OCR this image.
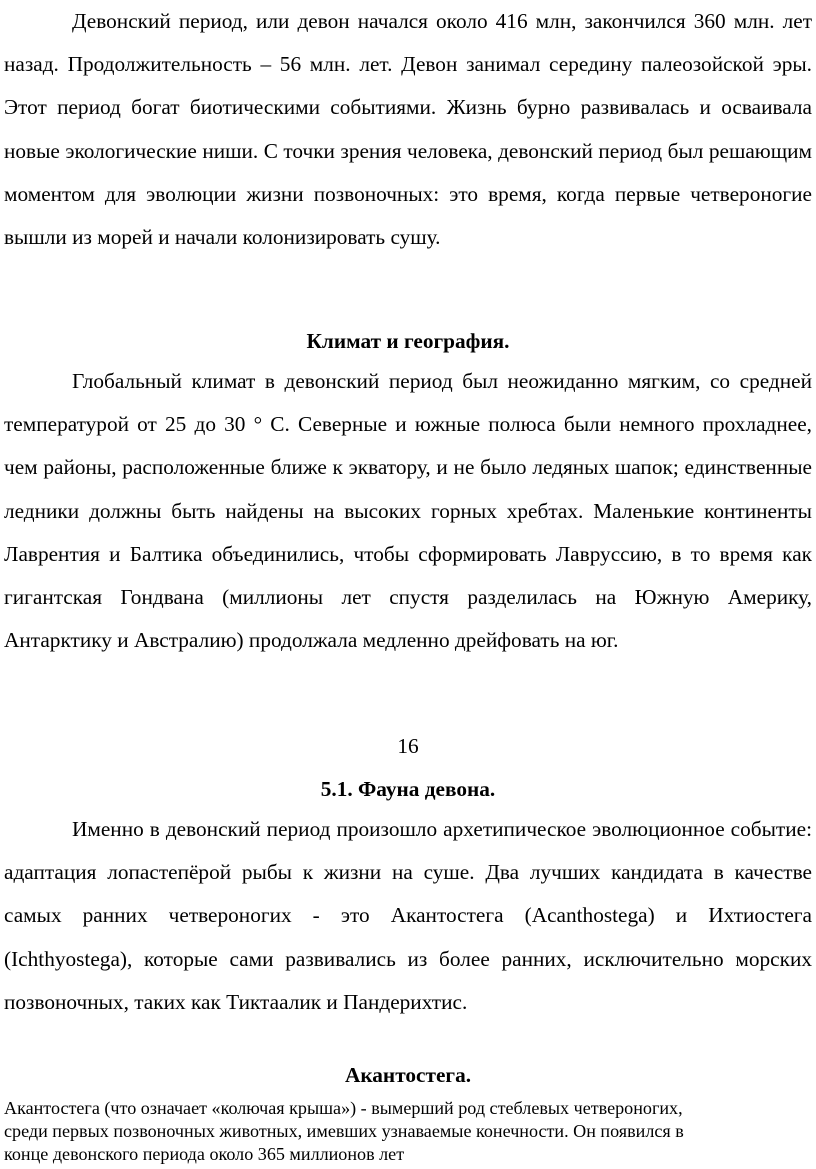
Девонский период, или девон начался около 416 млн, закончился 360 млн. лет назад. Продолжительность – 56 млн. лет. Девон занимал середину палеозойской эры. Этот период богат биотическими событиями. Жизнь бурно развивалась и осваивала новые экологические ниши. С точки зрения человека, девонский период был решающим моментом для эволюции жизни позвоночных: это время, когда первые четвероногие вышли из морей и начали колонизировать сушу.

Климат и география.

Глобальный климат в девонский период был неожиданно мягким, со средней температурой от 25 до 30 ° C. Северные и южные полюса были немного прохладнее, чем районы, расположенные ближе к экватору, и не было ледяных шапок; единственные ледники должны быть найдены на высоких горных хребтах. Маленькие континенты Лаврентия и Балтика объединились, чтобы сформировать Лаврусcию, в то время как гигантская Гондвана (миллионы лет спустя разделилась на Южную Америку, Антарктику и Австралию) продолжала медленно дрейфовать на юг.

16
5.1. Фауна девона.

Именно в девонский период произошло архетипическое эволюционное событие: адаптация лопастепёрой рыбы к жизни на суше. Два лучших кандидата в качестве самых ранних четвероногих - это Акантостега (Acanthostega) и Ихтиостега (Ichthyostega), которые сами развивались из более ранних, исключительно морских позвоночных, таких как Тиктаалик и Пандерихтис.

Акантостега.
Акантостега (что означает «колючая крыша») - вымерший род стеблевых четвероногих,
среди первых позвоночных животных, имевших узнаваемые конечности. Он появился в
конце девонского периода около 365 миллионов лет
